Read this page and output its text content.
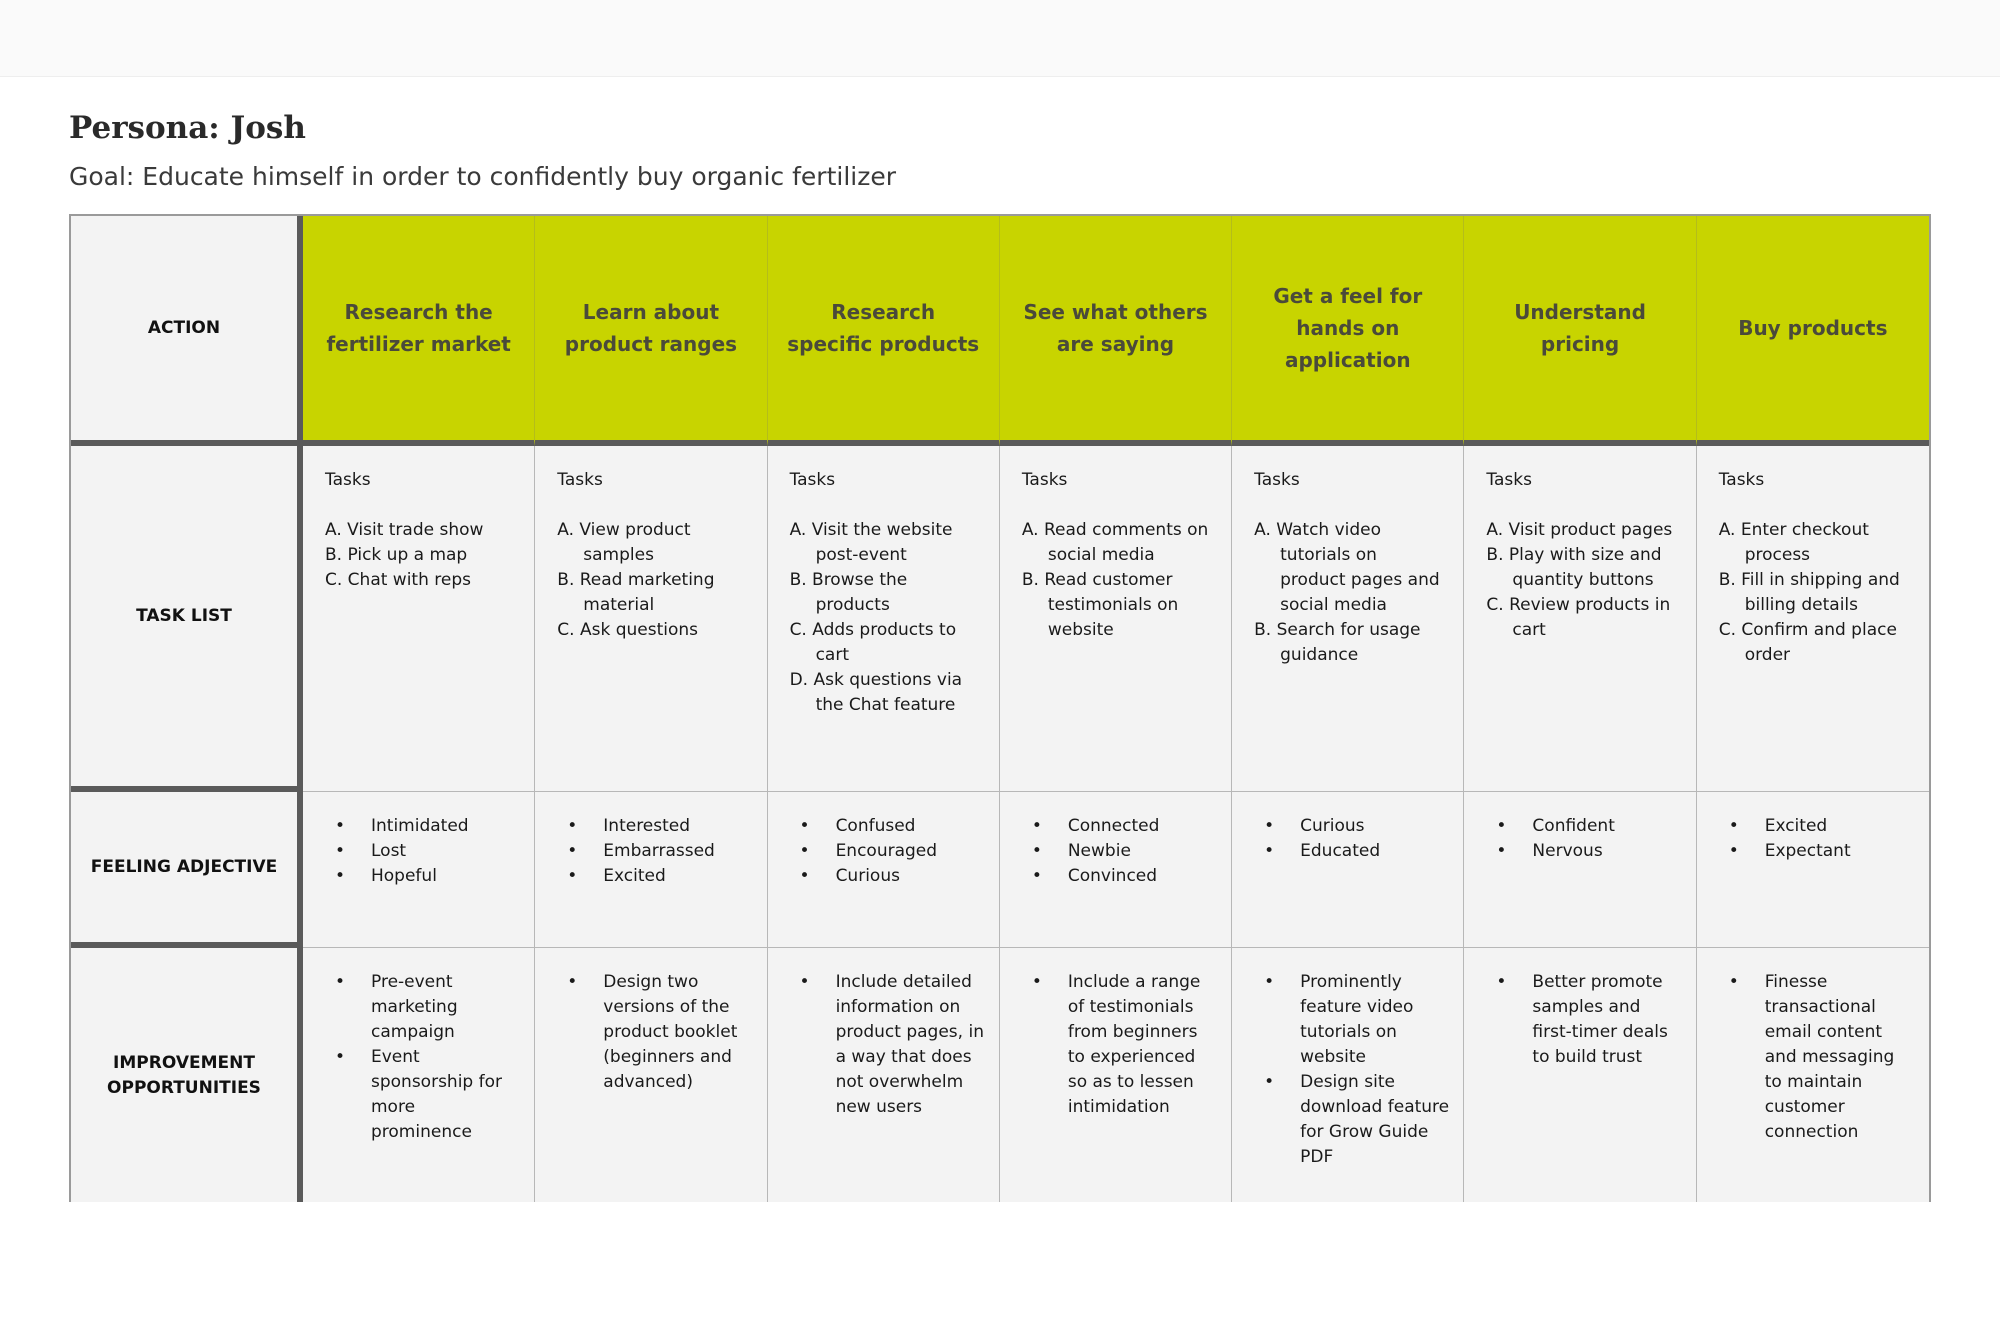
Persona: Josh

Goal: Educate himself in order to confidently buy organic fertilizer

ACTION
Research the fertilizer market
Learn about product ranges
Research specific products
See what others are saying
Get a feel for hands on application
Understand pricing
Buy products
TASK LIST
Tasks
A. Visit trade show
B. Pick up a map
C. Chat with reps
Tasks
A. View product samples
B. Read marketing material
C. Ask questions
Tasks
A. Visit the website post-event
B. Browse the products
C. Adds products to cart
D. Ask questions via the Chat feature
Tasks
A. Read comments on social media
B. Read customer testimonials on website
Tasks
A. Watch video tutorials on product pages and social media
B. Search for usage guidance
Tasks
A. Visit product pages
B. Play with size and quantity buttons
C. Review products in cart
Tasks
A. Enter checkout process
B. Fill in shipping and billing details
C. Confirm and place order
FEELING ADJECTIVE
• Intimidated
• Lost
• Hopeful
• Interested
• Embarrassed
• Excited
• Confused
• Encouraged
• Curious
• Connected
• Newbie
• Convinced
• Curious
• Educated
• Confident
• Nervous
• Excited
• Expectant
IMPROVEMENT OPPORTUNITIES
• Pre-event marketing campaign
• Event sponsorship for more prominence
• Design two versions of the product booklet (beginners and advanced)
• Include detailed information on product pages, in a way that does not overwhelm new users
• Include a range of testimonials from beginners to experienced so as to lessen intimidation
• Prominently feature video tutorials on website
• Design site download feature for Grow Guide PDF
• Better promote samples and first-timer deals to build trust
• Finesse transactional email content and messaging to maintain customer connection
